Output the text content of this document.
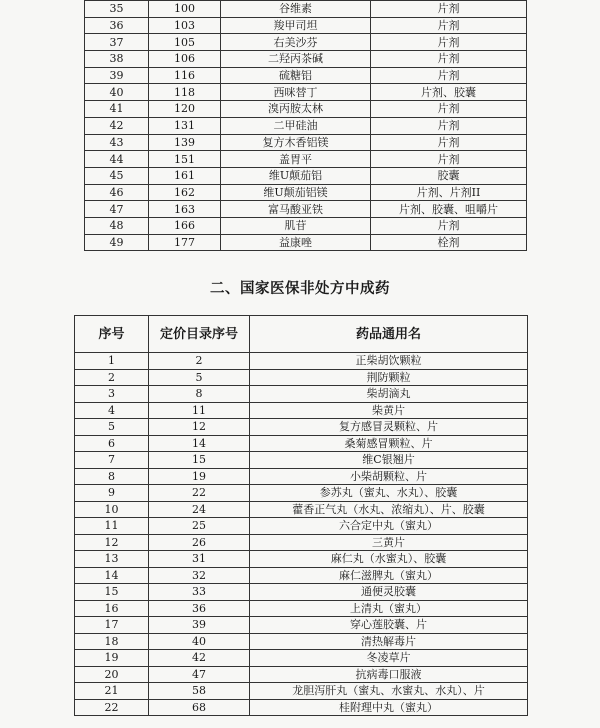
35	100	谷维素	片剂
36	103	羧甲司坦	片剂
37	105	右美沙芬	片剂
38	106	二羟丙茶碱	片剂
39	116	硫糖铝	片剂
40	118	西咪替丁	片剂、胶囊
41	120	溴丙胺太林	片剂
42	131	二甲硅油	片剂
43	139	复方木香铝镁	片剂
44	151	盖胃平	片剂
45	161	维U颠茄铝	胶囊
46	162	维U颠茄铝镁	片剂、片剂II
47	163	富马酸亚铁	片剂、胶囊、咀嚼片
48	166	肌苷	片剂
49	177	益康唑	栓剂
二、国家医保非处方中成药
序号	定价目录序号	药品通用名
1	2	正柴胡饮颗粒
2	5	荆防颗粒
3	8	柴胡滴丸
4	11	柴黄片
5	12	复方感冒灵颗粒、片
6	14	桑菊感冒颗粒、片
7	15	维C银翘片
8	19	小柴胡颗粒、片
9	22	参苏丸（蜜丸、水丸）、胶囊
10	24	藿香正气丸（水丸、浓缩丸）、片、胶囊
11	25	六合定中丸（蜜丸）
12	26	三黄片
13	31	麻仁丸（水蜜丸）、胶囊
14	32	麻仁滋脾丸（蜜丸）
15	33	通便灵胶囊
16	36	上清丸（蜜丸）
17	39	穿心莲胶囊、片
18	40	清热解毒片
19	42	冬凌草片
20	47	抗病毒口服液
21	58	龙胆泻肝丸（蜜丸、水蜜丸、水丸）、片
22	68	桂附理中丸（蜜丸）
